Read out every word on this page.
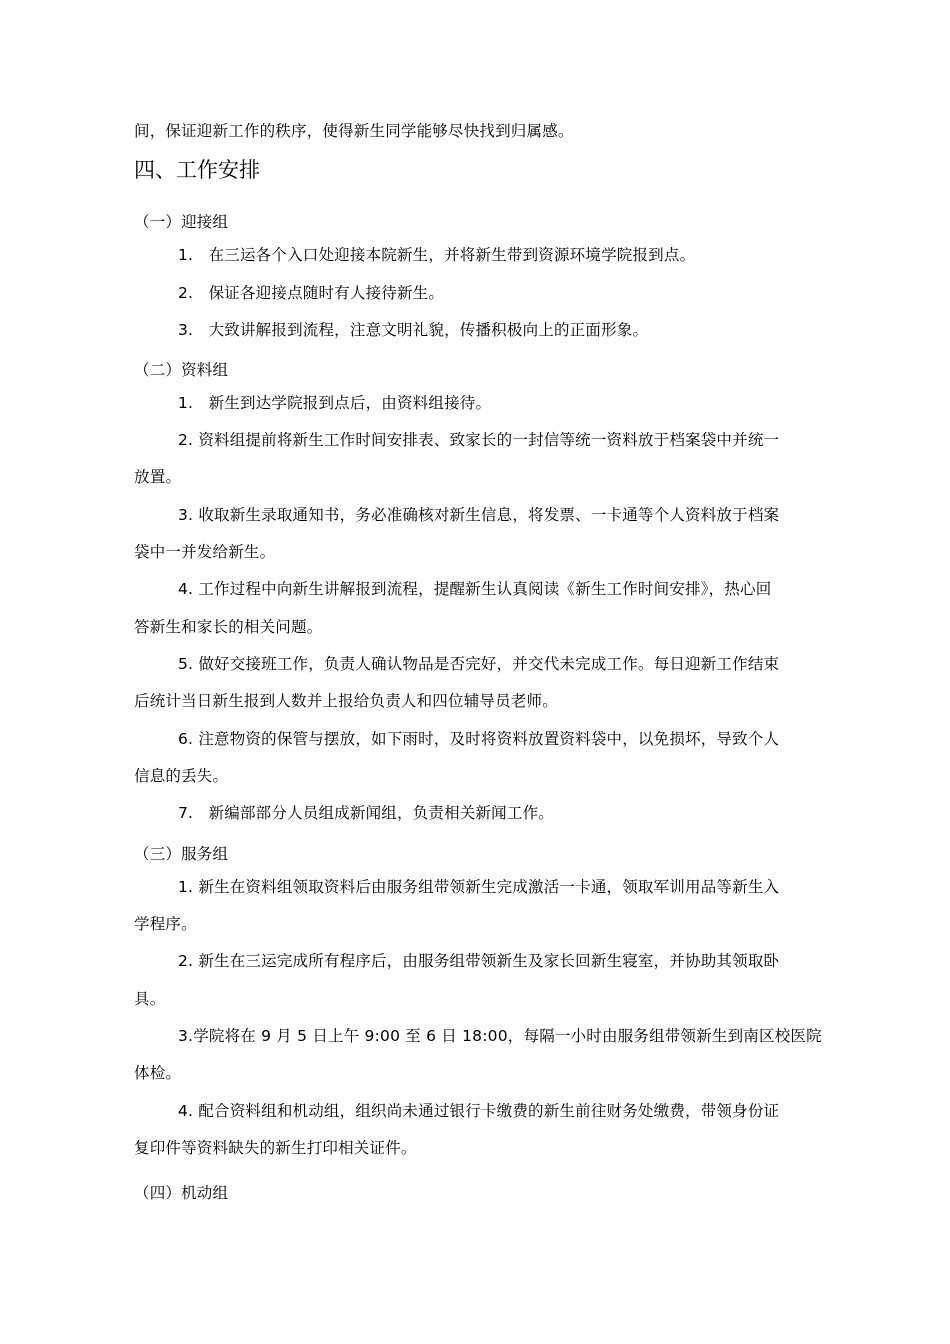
间，保证迎新工作的秩序，使得新生同学能够尽快找到归属感。
四、工作安排
（一）迎接组
1.   在三运各个入口处迎接本院新生，并将新生带到资源环境学院报到点。
2.   保证各迎接点随时有人接待新生。
3.   大致讲解报到流程，注意文明礼貌，传播积极向上的正面形象。
（二）资料组
1.   新生到达学院报到点后，由资料组接待。
2. 资料组提前将新生工作时间安排表、致家长的一封信等统一资料放于档案袋中并统一
放置。
3. 收取新生录取通知书，务必准确核对新生信息，将发票、一卡通等个人资料放于档案
袋中一并发给新生。
4. 工作过程中向新生讲解报到流程，提醒新生认真阅读《新生工作时间安排》，热心回
答新生和家长的相关问题。
5. 做好交接班工作，负责人确认物品是否完好，并交代未完成工作。每日迎新工作结束
后统计当日新生报到人数并上报给负责人和四位辅导员老师。
6. 注意物资的保管与摆放，如下雨时，及时将资料放置资料袋中，以免损坏，导致个人
信息的丢失。
7.   新编部部分人员组成新闻组，负责相关新闻工作。
（三）服务组
1. 新生在资料组领取资料后由服务组带领新生完成激活一卡通，领取军训用品等新生入
学程序。
2. 新生在三运完成所有程序后，由服务组带领新生及家长回新生寝室，并协助其领取卧
具。
3.学院将在 9 月 5 日上午 9:00 至 6 日 18:00，每隔一小时由服务组带领新生到南区校医院
体检。
4. 配合资料组和机动组，组织尚未通过银行卡缴费的新生前往财务处缴费，带领身份证
复印件等资料缺失的新生打印相关证件。
（四）机动组
